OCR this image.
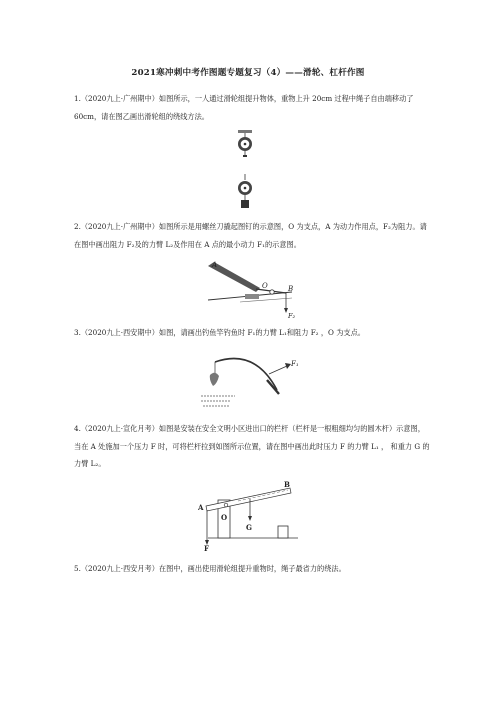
2021寒冲刺中考作图题专题复习（4）——滑轮、杠杆作图

1.（2020九上·广州期中）如图所示，一人通过滑轮组提升物体，重物上升 20cm 过程中绳子自由端移动了 60cm，请在图乙画出滑轮组的绕线方法。

2.（2020九上·广州期中）如图所示是用螺丝刀撬起图钉的示意图，O 为支点，A 为动力作用点，F₂为阻力。请在图中画出阻力 F₂及的力臂 L₂及作用在 A 点的最小动力 F₁的示意图。

A
O	B
F₂

3.（2020九上·西安期中）如图，请画出钓鱼竿钓鱼时 F₁的力臂 L₁和阻力 F₂ ，O 为支点。

F₁

4.（2020九上·宣化月考）如图是安装在安全文明小区进出口的栏杆（栏杆是一根粗细均匀的圆木杆）示意图，当在 A 处施加一个压力 F 时，可将栏杆拉到如图所示位置，请在图中画出此时压力 F 的力臂 L₁ ， 和重力 G 的力臂 L₂。

B
A
O
G
F

5.（2020九上·西安月考）在图中，画出使用滑轮组提升重物时，绳子最省力的绕法。
